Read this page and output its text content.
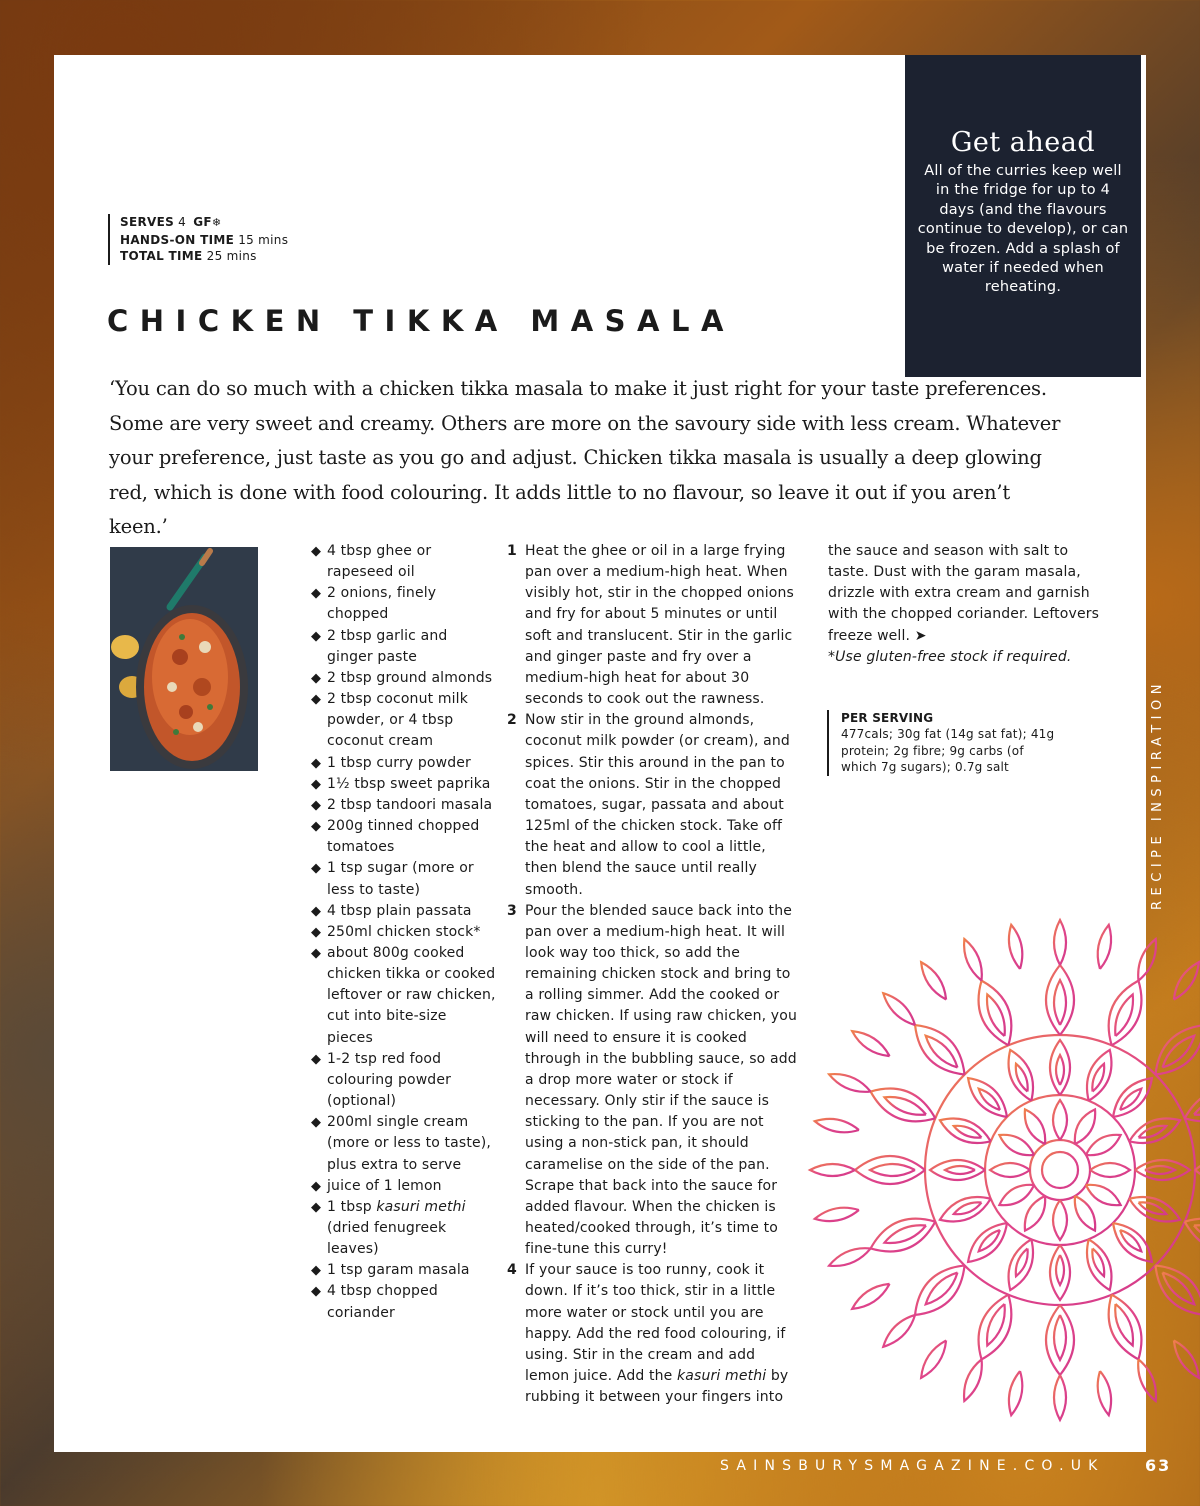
Get ahead

All of the curries keep well in the fridge for up to 4 days (and the flavours continue to develop), or can be frozen. Add a splash of water if needed when reheating.

SERVES 4 GF❄
HANDS-ON TIME 15 mins
TOTAL TIME 25 mins
CHICKEN TIKKA MASALA

‘You can do so much with a chicken tikka masala to make it just right for your taste preferences. Some are very sweet and creamy. Others are more on the savoury side with less cream. Whatever your preference, just taste as you go and adjust. Chicken tikka masala is usually a deep glowing red, which is done with food colouring. It adds little to no flavour, so leave it out if you aren’t keen.’

◆ 4 tbsp ghee or rapeseed oil
◆ 2 onions, finely chopped
◆ 2 tbsp garlic and ginger paste
◆ 2 tbsp ground almonds
◆ 2 tbsp coconut milk powder, or 4 tbsp coconut cream
◆ 1 tbsp curry powder
◆ 1½ tbsp sweet paprika
◆ 2 tbsp tandoori masala
◆ 200g tinned chopped tomatoes
◆ 1 tsp sugar (more or less to taste)
◆ 4 tbsp plain passata
◆ 250ml chicken stock*
◆ about 800g cooked chicken tikka or cooked leftover or raw chicken, cut into bite-size pieces
◆ 1-2 tsp red food colouring powder (optional)
◆ 200ml single cream (more or less to taste), plus extra to serve
◆ juice of 1 lemon
◆ 1 tbsp kasuri methi (dried fenugreek leaves)
◆ 1 tsp garam masala
◆ 4 tbsp chopped coriander
1 Heat the ghee or oil in a large frying pan over a medium-high heat. When visibly hot, stir in the chopped onions and fry for about 5 minutes or until soft and translucent. Stir in the garlic and ginger paste and fry over a medium-high heat for about 30 seconds to cook out the rawness.
2 Now stir in the ground almonds, coconut milk powder (or cream), and spices. Stir this around in the pan to coat the onions. Stir in the chopped tomatoes, sugar, passata and about 125ml of the chicken stock. Take off the heat and allow to cool a little, then blend the sauce until really smooth.
3 Pour the blended sauce back into the pan over a medium-high heat. It will look way too thick, so add the remaining chicken stock and bring to a rolling simmer. Add the cooked or raw chicken. If using raw chicken, you will need to ensure it is cooked through in the bubbling sauce, so add a drop more water or stock if necessary. Only stir if the sauce is sticking to the pan. If you are not using a non-stick pan, it should caramelise on the side of the pan. Scrape that back into the sauce for added flavour. When the chicken is heated/cooked through, it’s time to fine-tune this curry!
4 If your sauce is too runny, cook it down. If it’s too thick, stir in a little more water or stock until you are happy. Add the red food colouring, if using. Stir in the cream and add lemon juice. Add the kasuri methi by rubbing it between your fingers into

the sauce and season with salt to taste. Dust with the garam masala, drizzle with extra cream and garnish with the chopped coriander. Leftovers freeze well. ➤

*Use gluten-free stock if required.

PER SERVING
477cals; 30g fat (14g sat fat); 41g protein; 2g fibre; 9g carbs (of which 7g sugars); 0.7g salt	RECIPE INSPIRATION
SAINSBURYSMAGAZINE.CO.UK	63
